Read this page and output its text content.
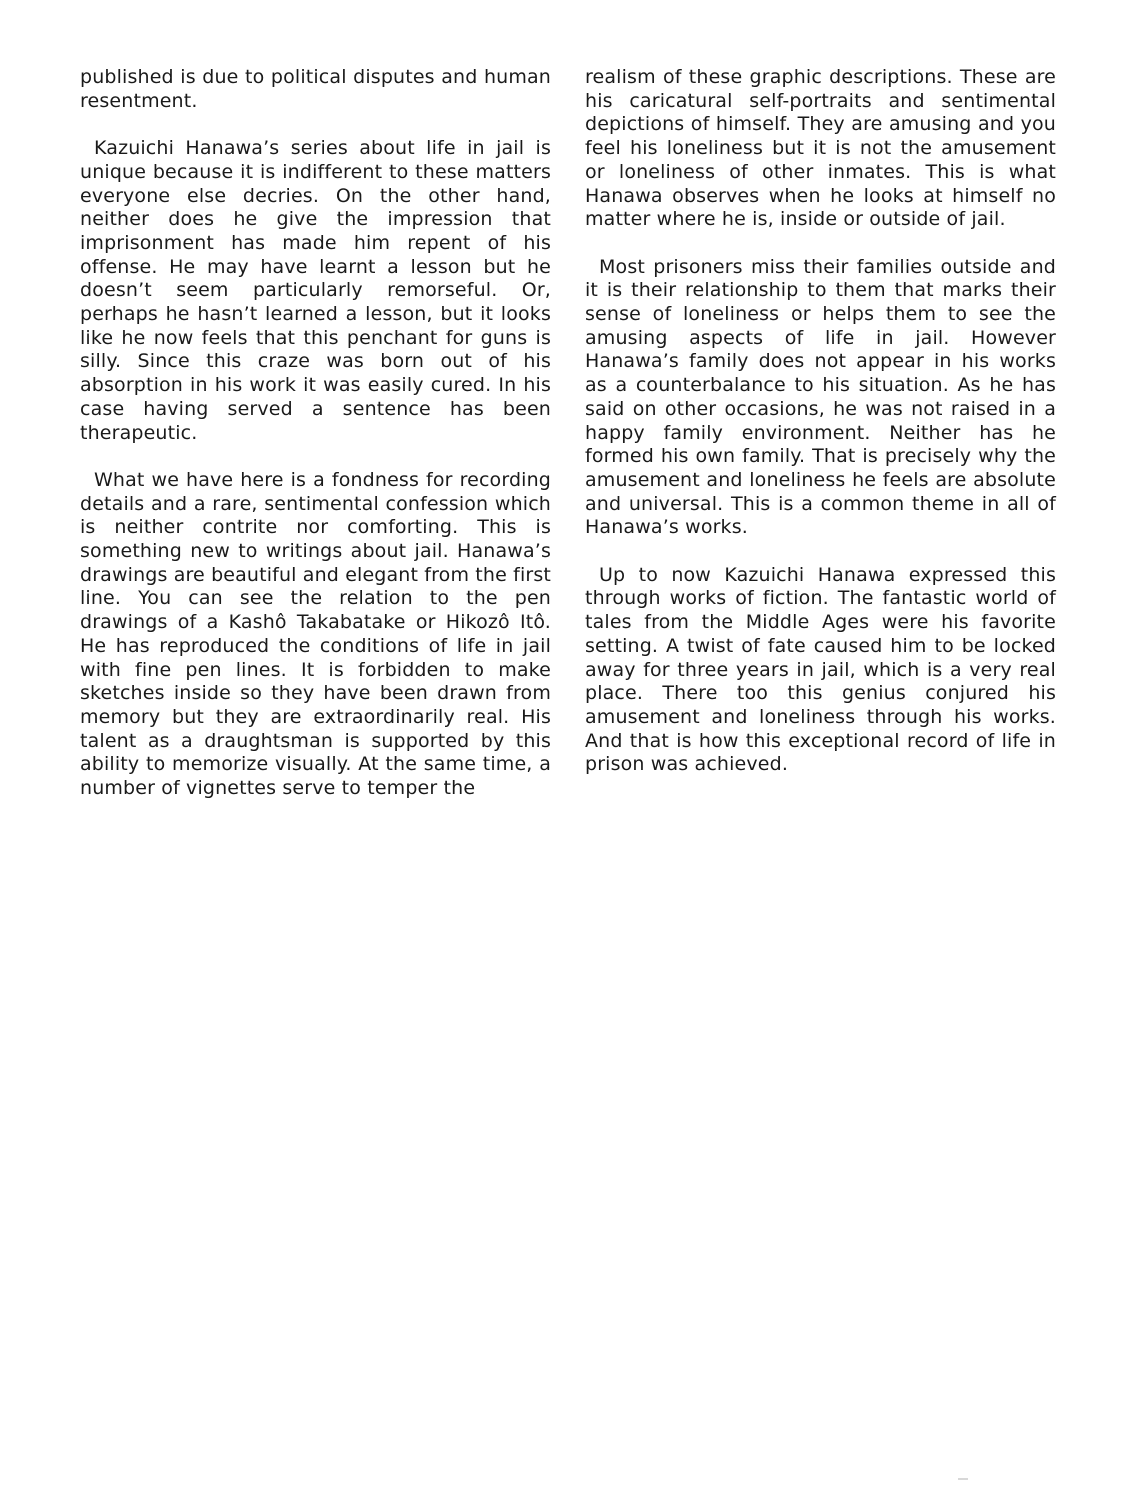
published is due to political disputes and human resentment.

Kazuichi Hanawa’s series about life in jail is unique because it is indifferent to these matters everyone else decries. On the other hand, neither does he give the impression that imprisonment has made him repent of his offense. He may have learnt a lesson but he doesn’t seem particularly remorseful. Or, perhaps he hasn’t learned a lesson, but it looks like he now feels that this penchant for guns is silly. Since this craze was born out of his absorption in his work it was easily cured. In his case having served a sentence has been therapeutic.

What we have here is a fondness for recording details and a rare, sentimental confession which is neither contrite nor comforting. This is something new to writings about jail. Hanawa’s drawings are beautiful and elegant from the first line. You can see the relation to the pen drawings of a Kashô Takabatake or Hikozô Itô. He has reproduced the conditions of life in jail with fine pen lines. It is forbidden to make sketches inside so they have been drawn from memory but they are extraordinarily real. His talent as a draughtsman is supported by this ability to memorize visually. At the same time, a number of vignettes serve to temper the

realism of these graphic descriptions. These are his caricatural self-portraits and sentimental depictions of himself. They are amusing and you feel his loneliness but it is not the amusement or loneliness of other inmates. This is what Hanawa observes when he looks at himself no matter where he is, inside or outside of jail.

Most prisoners miss their families outside and it is their relationship to them that marks their sense of loneliness or helps them to see the amusing aspects of life in jail. However Hanawa’s family does not appear in his works as a counterbalance to his situation. As he has said on other occasions, he was not raised in a happy family environment. Neither has he formed his own family. That is precisely why the amusement and loneliness he feels are absolute and universal. This is a common theme in all of Hanawa’s works.

Up to now Kazuichi Hanawa expressed this through works of fiction. The fantastic world of tales from the Middle Ages were his favorite setting. A twist of fate caused him to be locked away for three years in jail, which is a very real place. There too this genius conjured his amusement and loneliness through his works. And that is how this exceptional record of life in prison was achieved.
